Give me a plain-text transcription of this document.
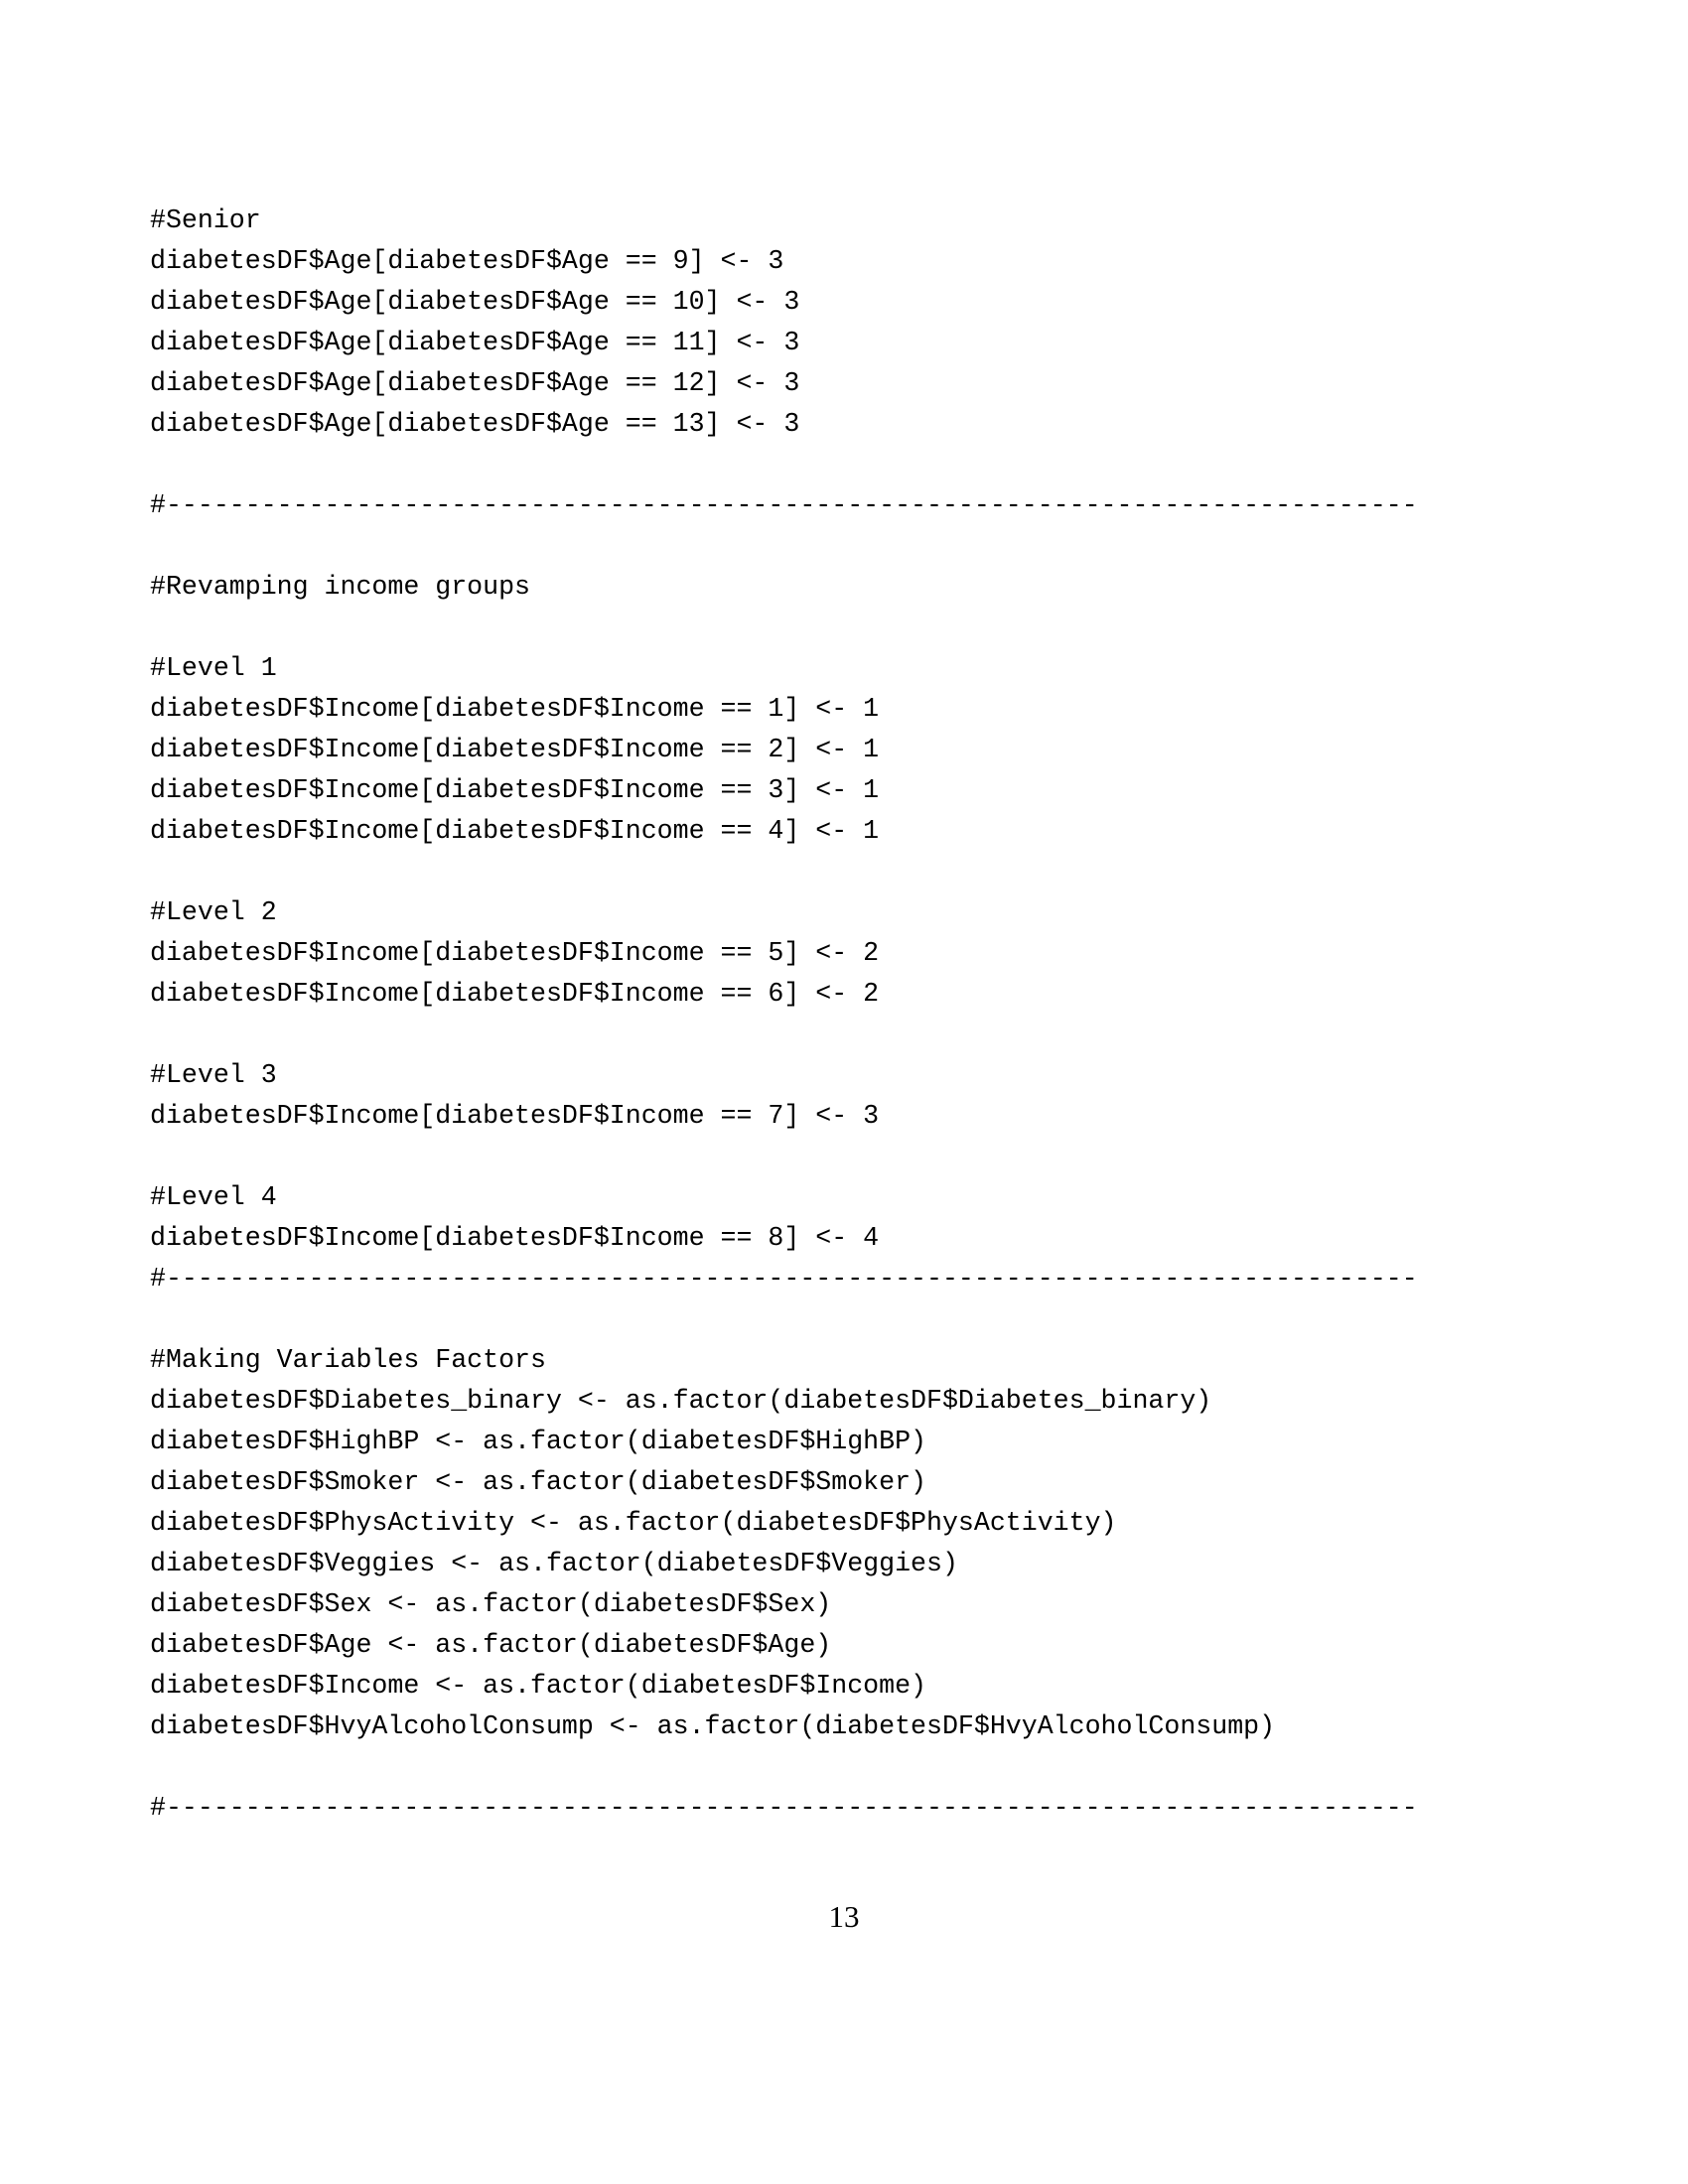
#Senior
diabetesDF$Age[diabetesDF$Age == 9] <- 3
diabetesDF$Age[diabetesDF$Age == 10] <- 3
diabetesDF$Age[diabetesDF$Age == 11] <- 3
diabetesDF$Age[diabetesDF$Age == 12] <- 3
diabetesDF$Age[diabetesDF$Age == 13] <- 3
#-------------------------------------------------------------------------------
#Revamping income groups
#Level 1
diabetesDF$Income[diabetesDF$Income == 1] <- 1
diabetesDF$Income[diabetesDF$Income == 2] <- 1
diabetesDF$Income[diabetesDF$Income == 3] <- 1
diabetesDF$Income[diabetesDF$Income == 4] <- 1
#Level 2
diabetesDF$Income[diabetesDF$Income == 5] <- 2
diabetesDF$Income[diabetesDF$Income == 6] <- 2
#Level 3
diabetesDF$Income[diabetesDF$Income == 7] <- 3
#Level 4
diabetesDF$Income[diabetesDF$Income == 8] <- 4
#-------------------------------------------------------------------------------
#Making Variables Factors
diabetesDF$Diabetes_binary <- as.factor(diabetesDF$Diabetes_binary)
diabetesDF$HighBP <- as.factor(diabetesDF$HighBP)
diabetesDF$Smoker <- as.factor(diabetesDF$Smoker)
diabetesDF$PhysActivity <- as.factor(diabetesDF$PhysActivity)
diabetesDF$Veggies <- as.factor(diabetesDF$Veggies)
diabetesDF$Sex <- as.factor(diabetesDF$Sex)
diabetesDF$Age <- as.factor(diabetesDF$Age)
diabetesDF$Income <- as.factor(diabetesDF$Income)
diabetesDF$HvyAlcoholConsump <- as.factor(diabetesDF$HvyAlcoholConsump)
#-------------------------------------------------------------------------------
13
